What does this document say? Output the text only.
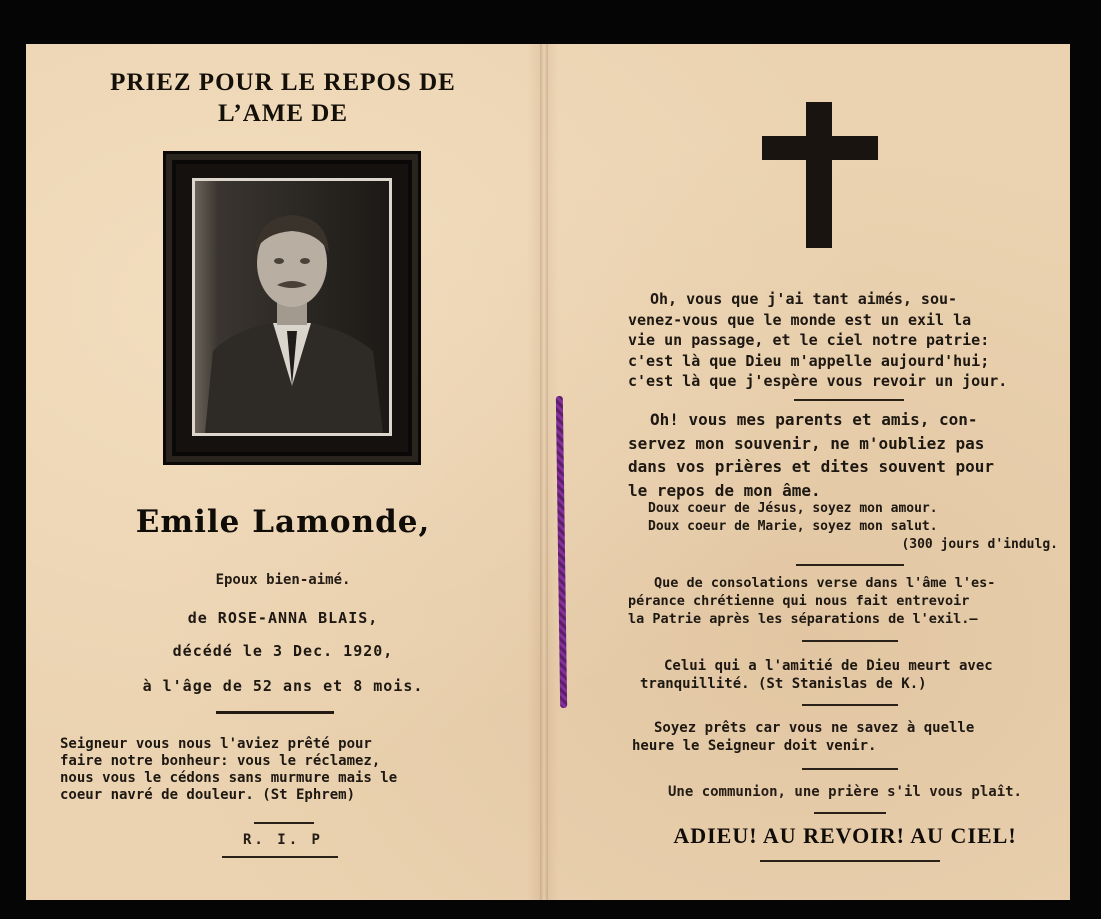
PRIEZ POUR LE REPOS DE
L’AME DE
Emile Lamonde,
Epoux bien-aimé.
de ROSE-ANNA BLAIS,
décédé le 3 Dec. 1920,
à l'âge de 52 ans et 8 mois.
Seigneur vous nous l'aviez prêté pour
faire notre bonheur: vous le réclamez,
nous vous le cédons sans murmure mais le
coeur navré de douleur. (St Ephrem)
R. I. P
Oh, vous que j'ai tant aimés, sou-
venez-vous que le monde est un exil la
vie un passage, et le ciel notre patrie:
c'est là que Dieu m'appelle aujourd'hui;
c'est là que j'espère vous revoir un jour.
Oh! vous mes parents et amis, con-
servez mon souvenir, ne m'oubliez pas
dans vos prières et dites souvent pour
le repos de mon âme.
Doux coeur de Jésus, soyez mon amour.
Doux coeur de Marie, soyez mon salut.
(300 jours d'indulg.
Que de consolations verse dans l'âme l'es-
pérance chrétienne qui nous fait entrevoir
la Patrie après les séparations de l'exil.—
Celui qui a l'amitié de Dieu meurt avec
tranquillité. (St Stanislas de K.)
Soyez prêts car vous ne savez à quelle
heure le Seigneur doit venir.
Une communion, une prière s'il vous plaît.
ADIEU! AU REVOIR! AU CIEL!
